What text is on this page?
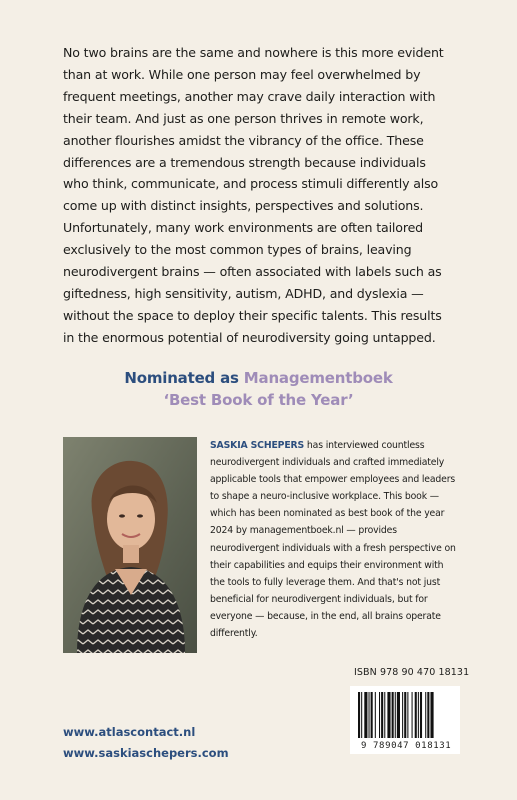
No two brains are the same and nowhere is this more evident than at work. While one person may feel overwhelmed by frequent meetings, another may crave daily interaction with their team. And just as one person thrives in remote work, another flourishes amidst the vibrancy of the office. These differences are a tremendous strength because individuals who think, communicate, and process stimuli differently also come up with distinct insights, perspectives and solutions. Unfortunately, many work environments are often tailored exclusively to the most common types of brains, leaving neurodivergent brains — often associated with labels such as giftedness, high sensitivity, autism, ADHD, and dyslexia — without the space to deploy their specific talents. This results in the enormous potential of neurodiversity going untapped.

Nominated as Managementboek
‘Best Book of the Year’

SASKIA SCHEPERS has interviewed countless neurodivergent individuals and crafted immediately applicable tools that empower employees and leaders to shape a neuro-inclusive workplace. This book — which has been nominated as best book of the year 2024 by managementboek.nl — provides neurodivergent individuals with a fresh perspective on their capabilities and equips their environment with the tools to fully leverage them. And that's not just beneficial for neurodivergent individuals, but for everyone — because, in the end, all brains operate differently.

ISBN 978 90 470 18131
9 789047 018131
www.atlascontact.nl
www.saskiaschepers.com
